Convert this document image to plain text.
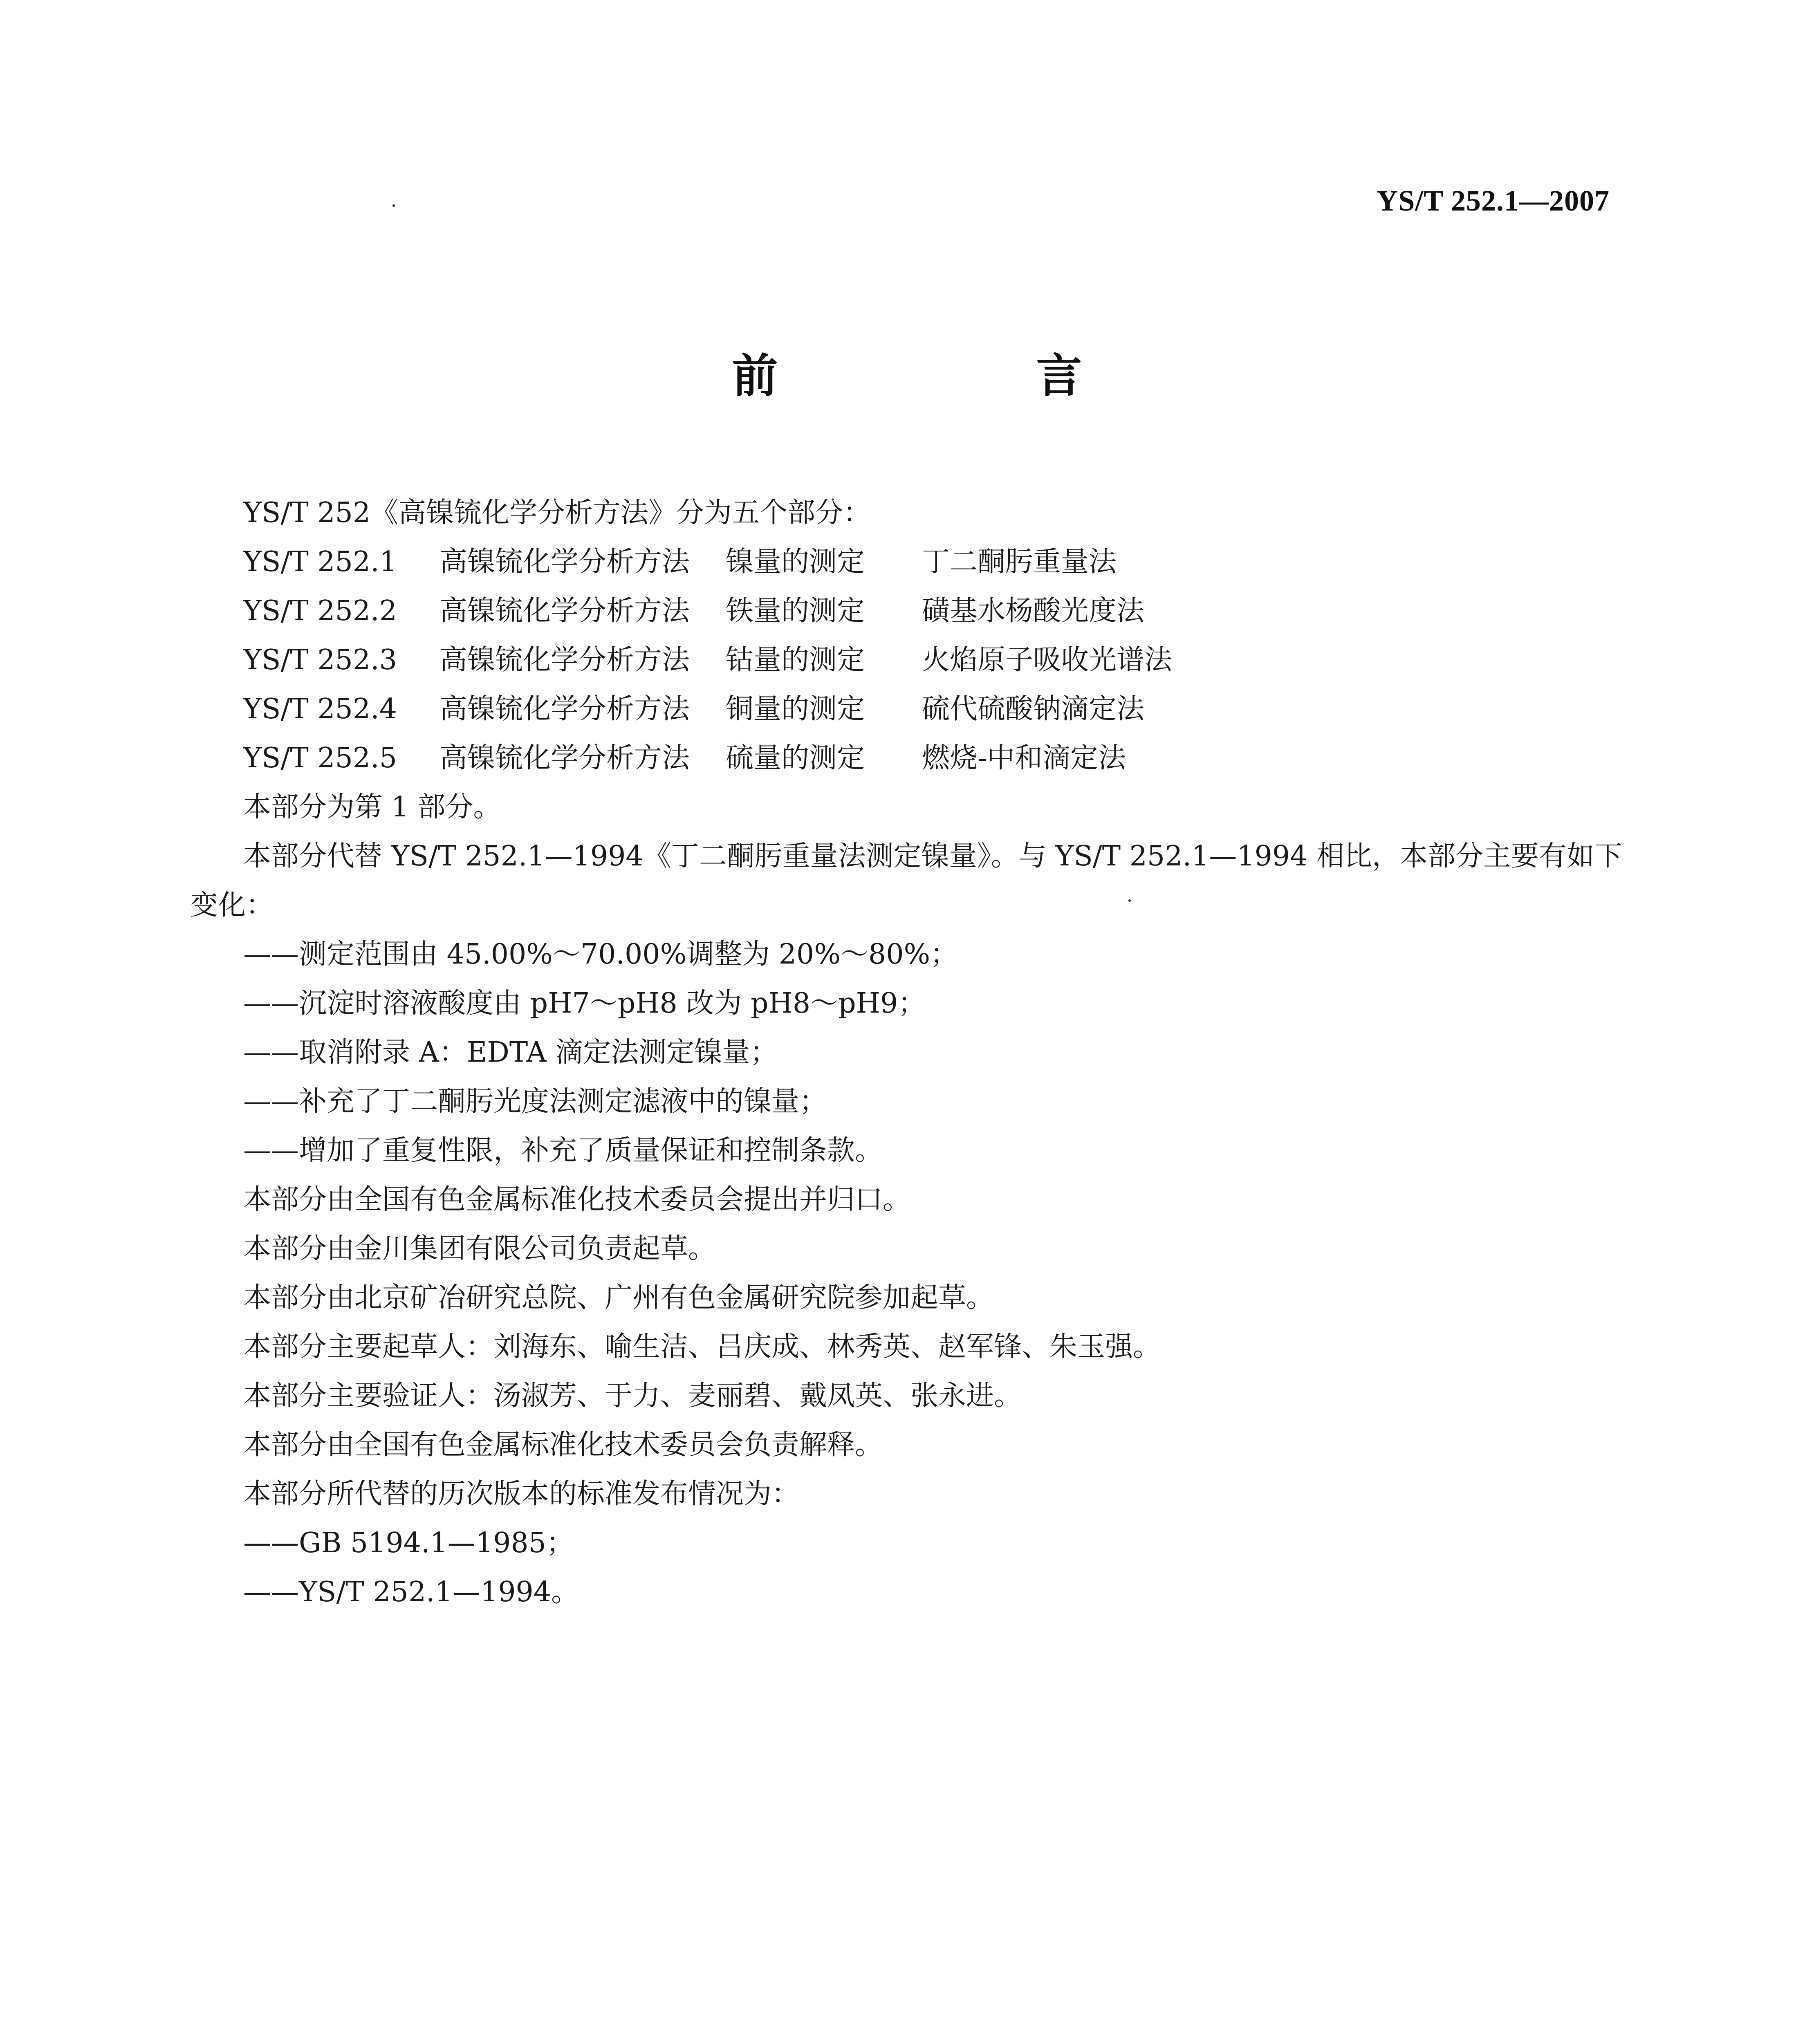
YS/T 252.1—2007
前　言
YS/T 252《高镍锍化学分析方法》分为五个部分：
YS/T 252.1	高镍锍化学分析方法	镍量的测定	丁二酮肟重量法
YS/T 252.2	高镍锍化学分析方法	铁量的测定	磺基水杨酸光度法
YS/T 252.3	高镍锍化学分析方法	钴量的测定	火焰原子吸收光谱法
YS/T 252.4	高镍锍化学分析方法	铜量的测定	硫代硫酸钠滴定法
YS/T 252.5	高镍锍化学分析方法	硫量的测定	燃烧-中和滴定法
本部分为第 1 部分。
本部分代替 YS/T 252.1—1994《丁二酮肟重量法测定镍量》。与 YS/T 252.1—1994 相比，本部分主要有如下变化：
——测定范围由 45.00%～70.00%调整为 20%～80%；
——沉淀时溶液酸度由 pH7～pH8 改为 pH8～pH9；
——取消附录 A：EDTA 滴定法测定镍量；
——补充了丁二酮肟光度法测定滤液中的镍量；
——增加了重复性限，补充了质量保证和控制条款。
本部分由全国有色金属标准化技术委员会提出并归口。
本部分由金川集团有限公司负责起草。
本部分由北京矿冶研究总院、广州有色金属研究院参加起草。
本部分主要起草人：刘海东、喻生洁、吕庆成、林秀英、赵军锋、朱玉强。
本部分主要验证人：汤淑芳、于力、麦丽碧、戴凤英、张永进。
本部分由全国有色金属标准化技术委员会负责解释。
本部分所代替的历次版本的标准发布情况为：
——GB 5194.1—1985；
——YS/T 252.1—1994。
